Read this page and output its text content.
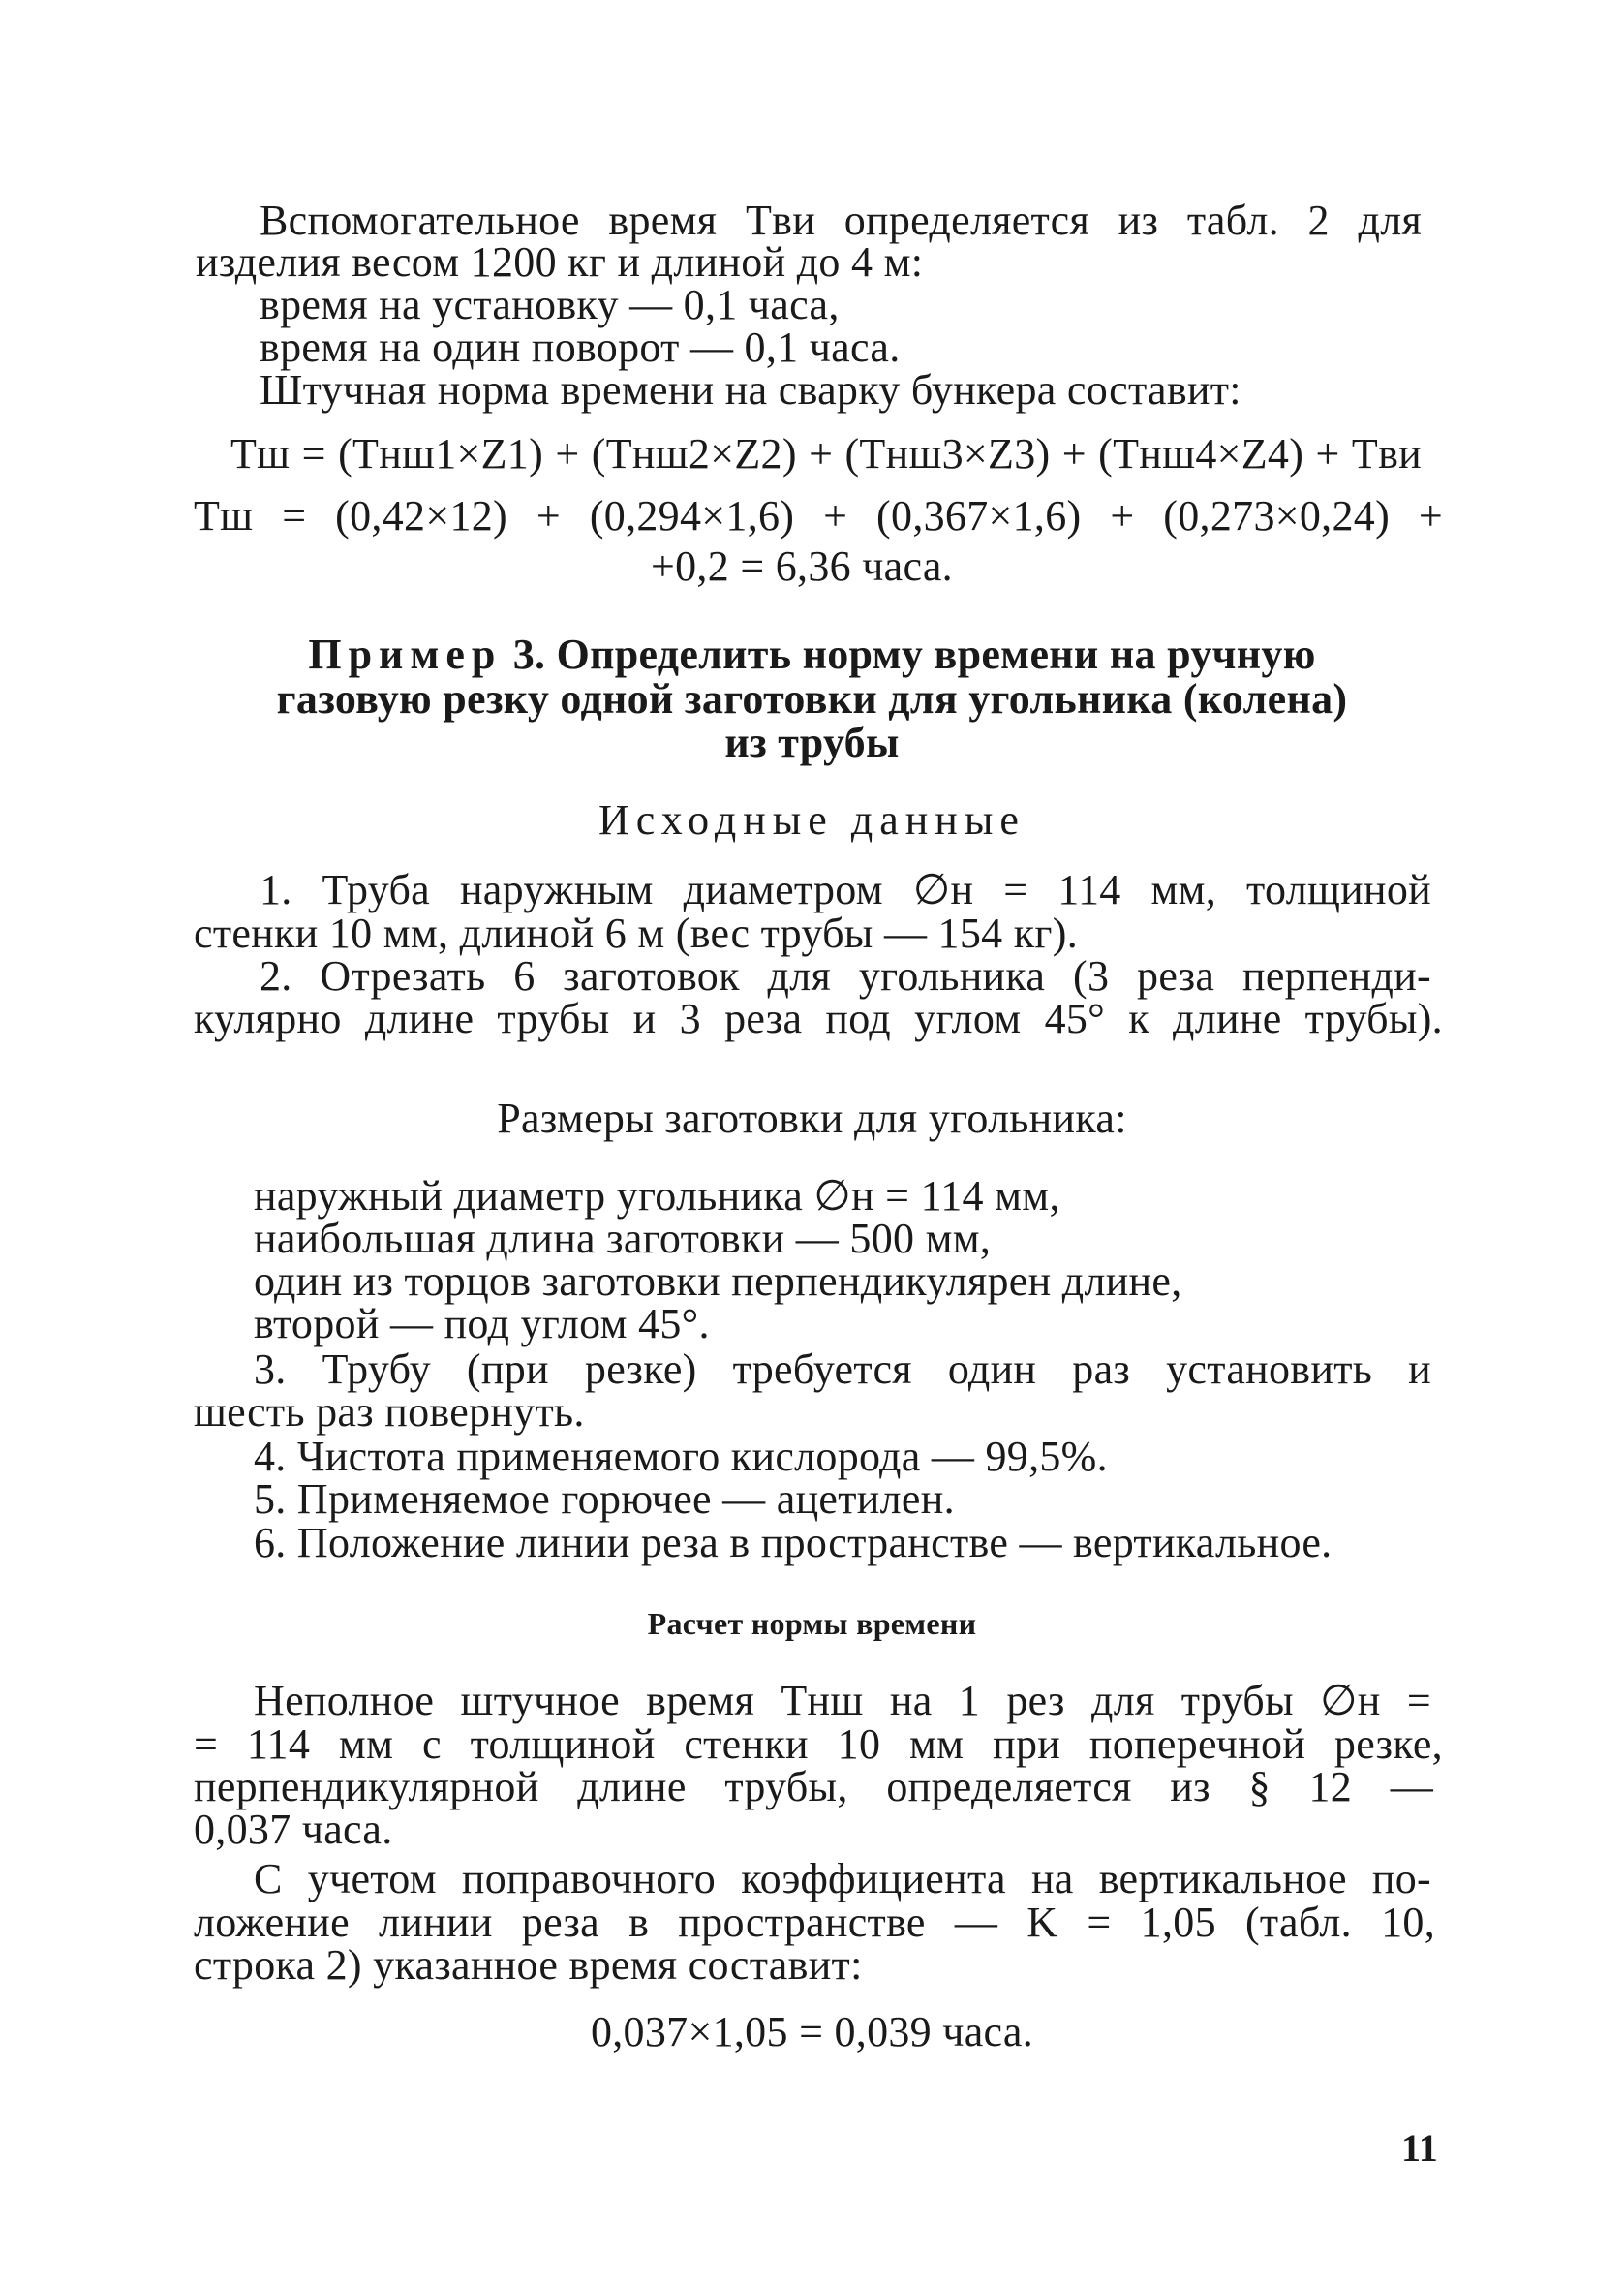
Вспомогательное время Tви определяется из табл. 2 для
изделия весом 1200 кг и длиной до 4 м:
время на установку — 0,1 часа,
время на один поворот — 0,1 часа.
Штучная норма времени на сварку бункера составит:
Tш = (Tнш1×Z1) + (Tнш2×Z2) + (Tнш3×Z3) + (Tнш4×Z4) + Tви
Tш = (0,42×12) + (0,294×1,6) + (0,367×1,6) + (0,273×0,24) +
+0,2 = 6,36 часа.
Пример 3. Определить норму времени на ручную
газовую резку одной заготовки для угольника (колена)
из трубы
Исходные данные
1. Труба наружным диаметром ∅н = 114 мм, толщиной
стенки 10 мм, длиной 6 м (вес трубы — 154 кг).
2. Отрезать 6 заготовок для угольника (3 реза перпенди-
кулярно длине трубы и 3 реза под углом 45° к длине трубы).
Размеры заготовки для угольника:
наружный диаметр угольника ∅н = 114 мм,
наибольшая длина заготовки — 500 мм,
один из торцов заготовки перпендикулярен длине,
второй — под углом 45°.
3. Трубу (при резке) требуется один раз установить и
шесть раз повернуть.
4. Чистота применяемого кислорода — 99,5%.
5. Применяемое горючее — ацетилен.
6. Положение линии реза в пространстве — вертикальное.
Расчет нормы времени
Неполное штучное время Tнш на 1 рез для трубы ∅н =
= 114 мм с толщиной стенки 10 мм при поперечной резке,
перпендикулярной длине трубы, определяется из § 12 —
0,037 часа.
С учетом поправочного коэффициента на вертикальное по-
ложение линии реза в пространстве — K = 1,05 (табл. 10,
строка 2) указанное время составит:
0,037×1,05 = 0,039 часа.
11
